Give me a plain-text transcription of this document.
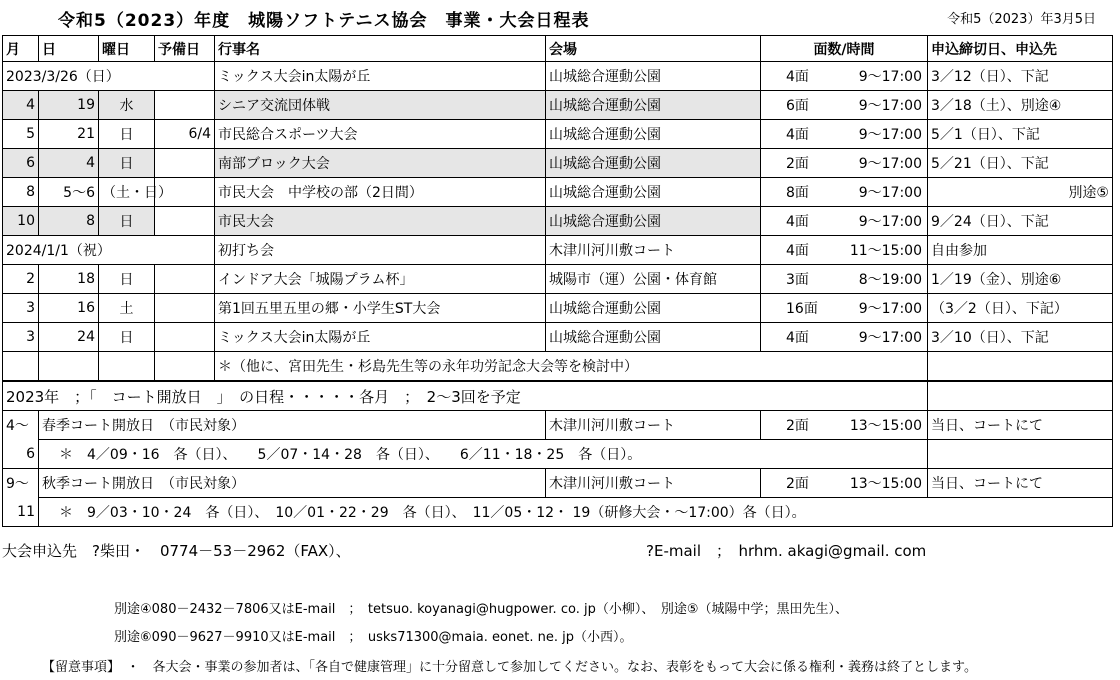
令和5（2023）年度　城陽ソフトテニス協会　事業・大会日程表	令和5（2023）年3月5日
月	日	曜日	予備日	行事名	会場	面数/時間	申込締切日、申込先
2023/3/26（日）				ミックス大会in太陽が丘	山城総合運動公園	4面 9～17:00	3／12（日）、下記
4	19	水		シニア交流団体戦	山城総合運動公園	6面 9～17:00	3／18（土）、別途④
5	21	日	6/4	市民総合スポーツ大会	山城総合運動公園	4面 9～17:00	5／1（日）、下記
6	4	日		南部ブロック大会	山城総合運動公園	2面 9～17:00	5／21（日）、下記
8	5～6	（土・日）		市民大会　中学校の部（2日間）	山城総合運動公園	8面 9～17:00	別途⑤
10	8	日		市民大会	山城総合運動公園	4面 9～17:00	9／24（日）、下記
2024/1/1（祝）				初打ち会	木津川河川敷コート	4面 11～15:00	自由参加
2	18	日		インドア大会「城陽プラム杯」	城陽市（運）公園・体育館	3面 8～19:00	1／19（金）、別途⑥
3	16	土		第1回五里五里の郷・小学生ST大会	山城総合運動公園	16面 9～17:00	（3／2（日）、下記）
3	24	日		ミックス大会in太陽が丘	山城総合運動公園	4面 9～17:00	3／10（日）、下記
				＊（他に、宮田先生・杉島先生等の永年功労記念大会等を検討中）			
2023年　；「　コート開放日　」　の日程・・・・・各月　；　2～3回を予定							
4～	春季コート開放日　（市民対象）				木津川河川敷コート	2面 13～15:00	当日、コートにて
6	＊　4／09・16　各（日）、　　5／07・14・28　各（日）、　　6／11・18・25　各（日）。						
9～	秋季コート開放日　（市民対象）				木津川河川敷コート	2面 13～15:00	当日、コートにて
11	＊　9／03・10・24　各（日）、　10／01・22・29　各（日）、　11／05・12・ 19（研修大会・～17:00）各（日）。						
大会申込先　?柴田・　0774－53－2962（FAX）、	?E-mail　；　hrhm. akagi@gmail. com
別途④080－2432－7806又はE-mail　；　tetsuo. koyanagi@hugpower. co. jp（小柳）、　別途⑤（城陽中学；黒田先生）、
別途⑥090－9627－9910又はE-mail　；　usks71300@maia. eonet. ne. jp（小西）。
【留意事項】　・　各大会・事業の参加者は、「各自で健康管理」に十分留意して参加してください。なお、表彰をもって大会に係る権利・義務は終了とします。
